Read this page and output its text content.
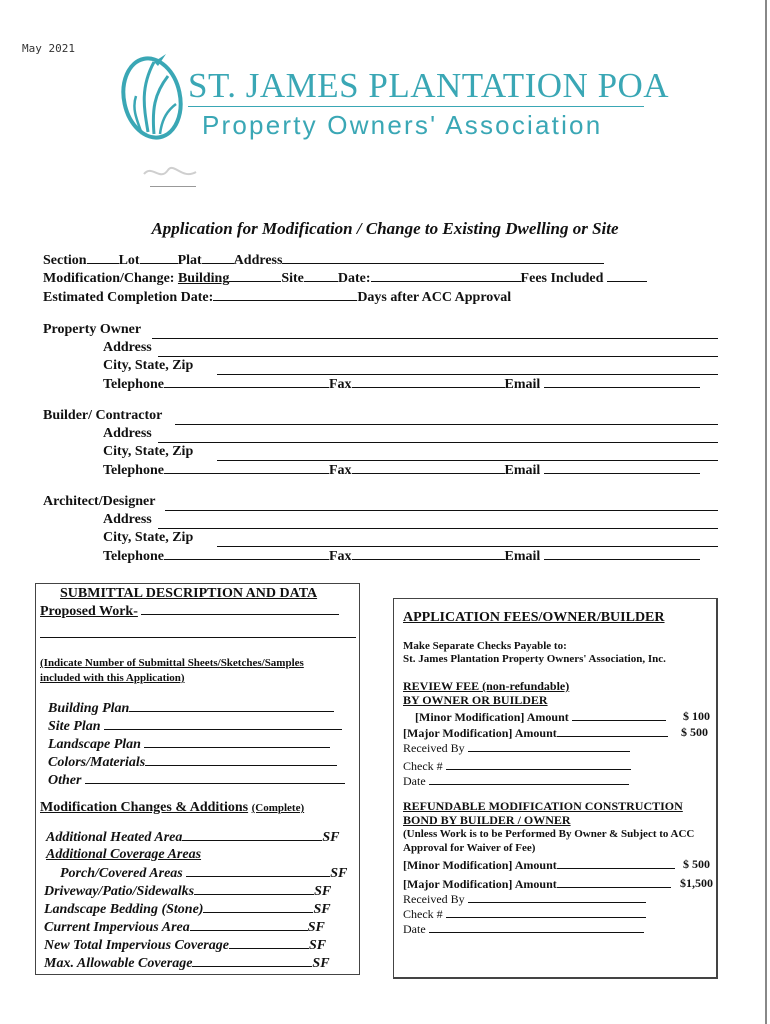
May 2021
ST. JAMES PLANTATION POA
Property Owners' Association
Application for Modification / Change to Existing Dwelling or Site
Section Lot	Plat Address
Modification/Change: Building	Site Date:	Fees Included
Estimated Completion Date:	Days after ACC Approval
Property Owner
Address
City, State, Zip
Telephone	Fax	Email
Builder/ Contractor
Address
City, State, Zip
Telephone	Fax	Email
Architect/Designer
Address
City, State, Zip
Telephone	Fax	Email
SUBMITTAL DESCRIPTION AND DATA
Proposed Work-
(Indicate Number of Submittal Sheets/Sketches/Samples
included with this Application)
Building Plan
Site Plan
Landscape Plan
Colors/Materials
Other
Modification Changes & Additions (Complete)
Additional Heated Area	SF
Additional Coverage Areas
Porch/Covered Areas	SF
Driveway/Patio/Sidewalks	SF
Landscape Bedding (Stone)	SF
Current Impervious Area	SF
New Total Impervious Coverage	SF
Max. Allowable Coverage	SF
APPLICATION FEES/OWNER/BUILDER
Make Separate Checks Payable to:
St. James Plantation Property Owners' Association, Inc.
REVIEW FEE (non-refundable)
BY OWNER OR BUILDER
[Minor Modification] Amount	$ 100
[Major Modification] Amount	$ 500
Received By
Check #
Date
REFUNDABLE MODIFICATION CONSTRUCTION
BOND BY BUILDER / OWNER
(Unless Work is to be Performed By Owner & Subject to ACC
Approval for Waiver of Fee)
[Minor Modification] Amount	$ 500
[Major Modification] Amount	$1,500
Received By
Check #
Date
